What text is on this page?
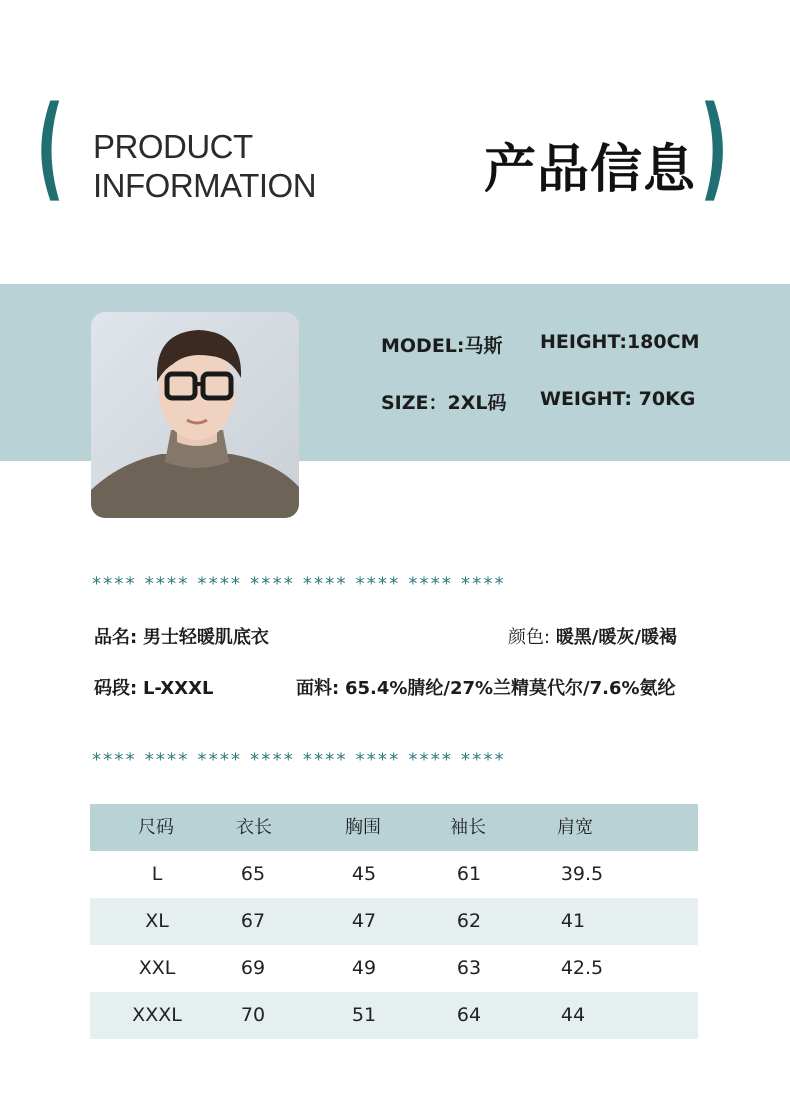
( PRODUCT
INFORMATION	产品信息 )
MODEL:马斯 HEIGHT:180CM
SIZE：2XL码 WEIGHT: 70KG
⁎⁎⁎⁎ ⁎⁎⁎⁎ ⁎⁎⁎⁎ ⁎⁎⁎⁎ ⁎⁎⁎⁎ ⁎⁎⁎⁎ ⁎⁎⁎⁎ ⁎⁎⁎⁎
品名: 男士轻暖肌底衣	颜色: 暖黑/暖灰/暖褐
码段: L-XXXL	面料: 65.4%腈纶/27%兰精莫代尔/7.6%氨纶
⁎⁎⁎⁎ ⁎⁎⁎⁎ ⁎⁎⁎⁎ ⁎⁎⁎⁎ ⁎⁎⁎⁎ ⁎⁎⁎⁎ ⁎⁎⁎⁎ ⁎⁎⁎⁎
尺码	衣长	胸围	袖长	肩宽
L	65	45	61	39.5
XL	67	47	62	41
XXL	69	49	63	42.5
XXXL	70	51	64	44
